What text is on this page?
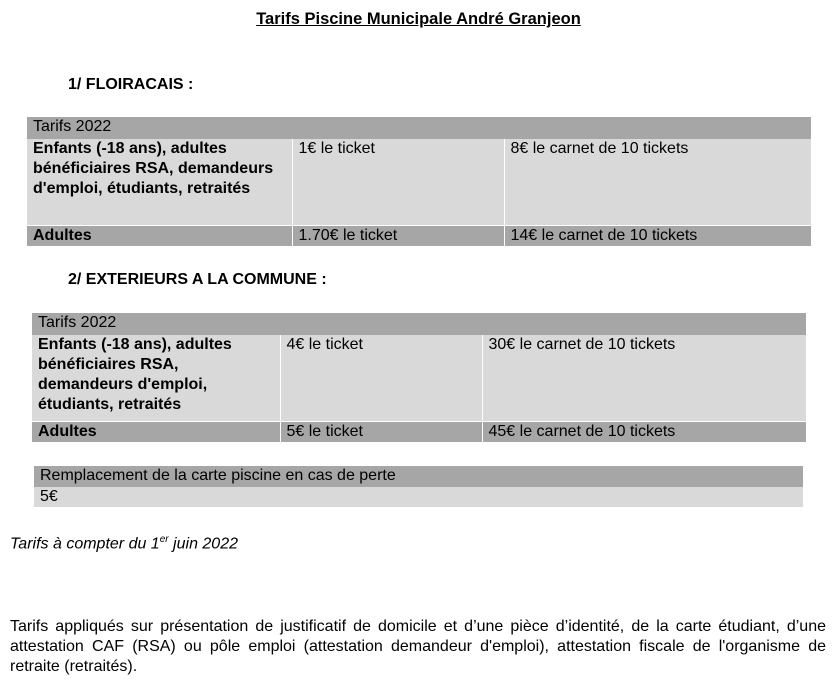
Tarifs Piscine Municipale André Granjeon
1/ FLOIRACAIS :
Tarifs 2022		
Enfants (-18 ans), adultes bénéficiaires RSA, demandeurs d'emploi, étudiants, retraités	1€ le ticket	8€ le carnet de 10 tickets
Adultes	1.70€ le ticket	14€ le carnet de 10 tickets
2/ EXTERIEURS A LA COMMUNE :
Tarifs 2022		
Enfants (-18 ans), adultes bénéficiaires RSA, demandeurs d'emploi, étudiants, retraités	4€ le ticket	30€ le carnet de 10 tickets
Adultes	5€ le ticket	45€ le carnet de 10 tickets
Remplacement de la carte piscine en cas de perte
5€
Tarifs à compter du 1er juin 2022
Tarifs appliqués sur présentation de justificatif de domicile et d’une pièce d’identité, de la carte étudiant, d’une attestation CAF (RSA) ou pôle emploi (attestation demandeur d'emploi), attestation fiscale de l'organisme de retraite (retraités).
